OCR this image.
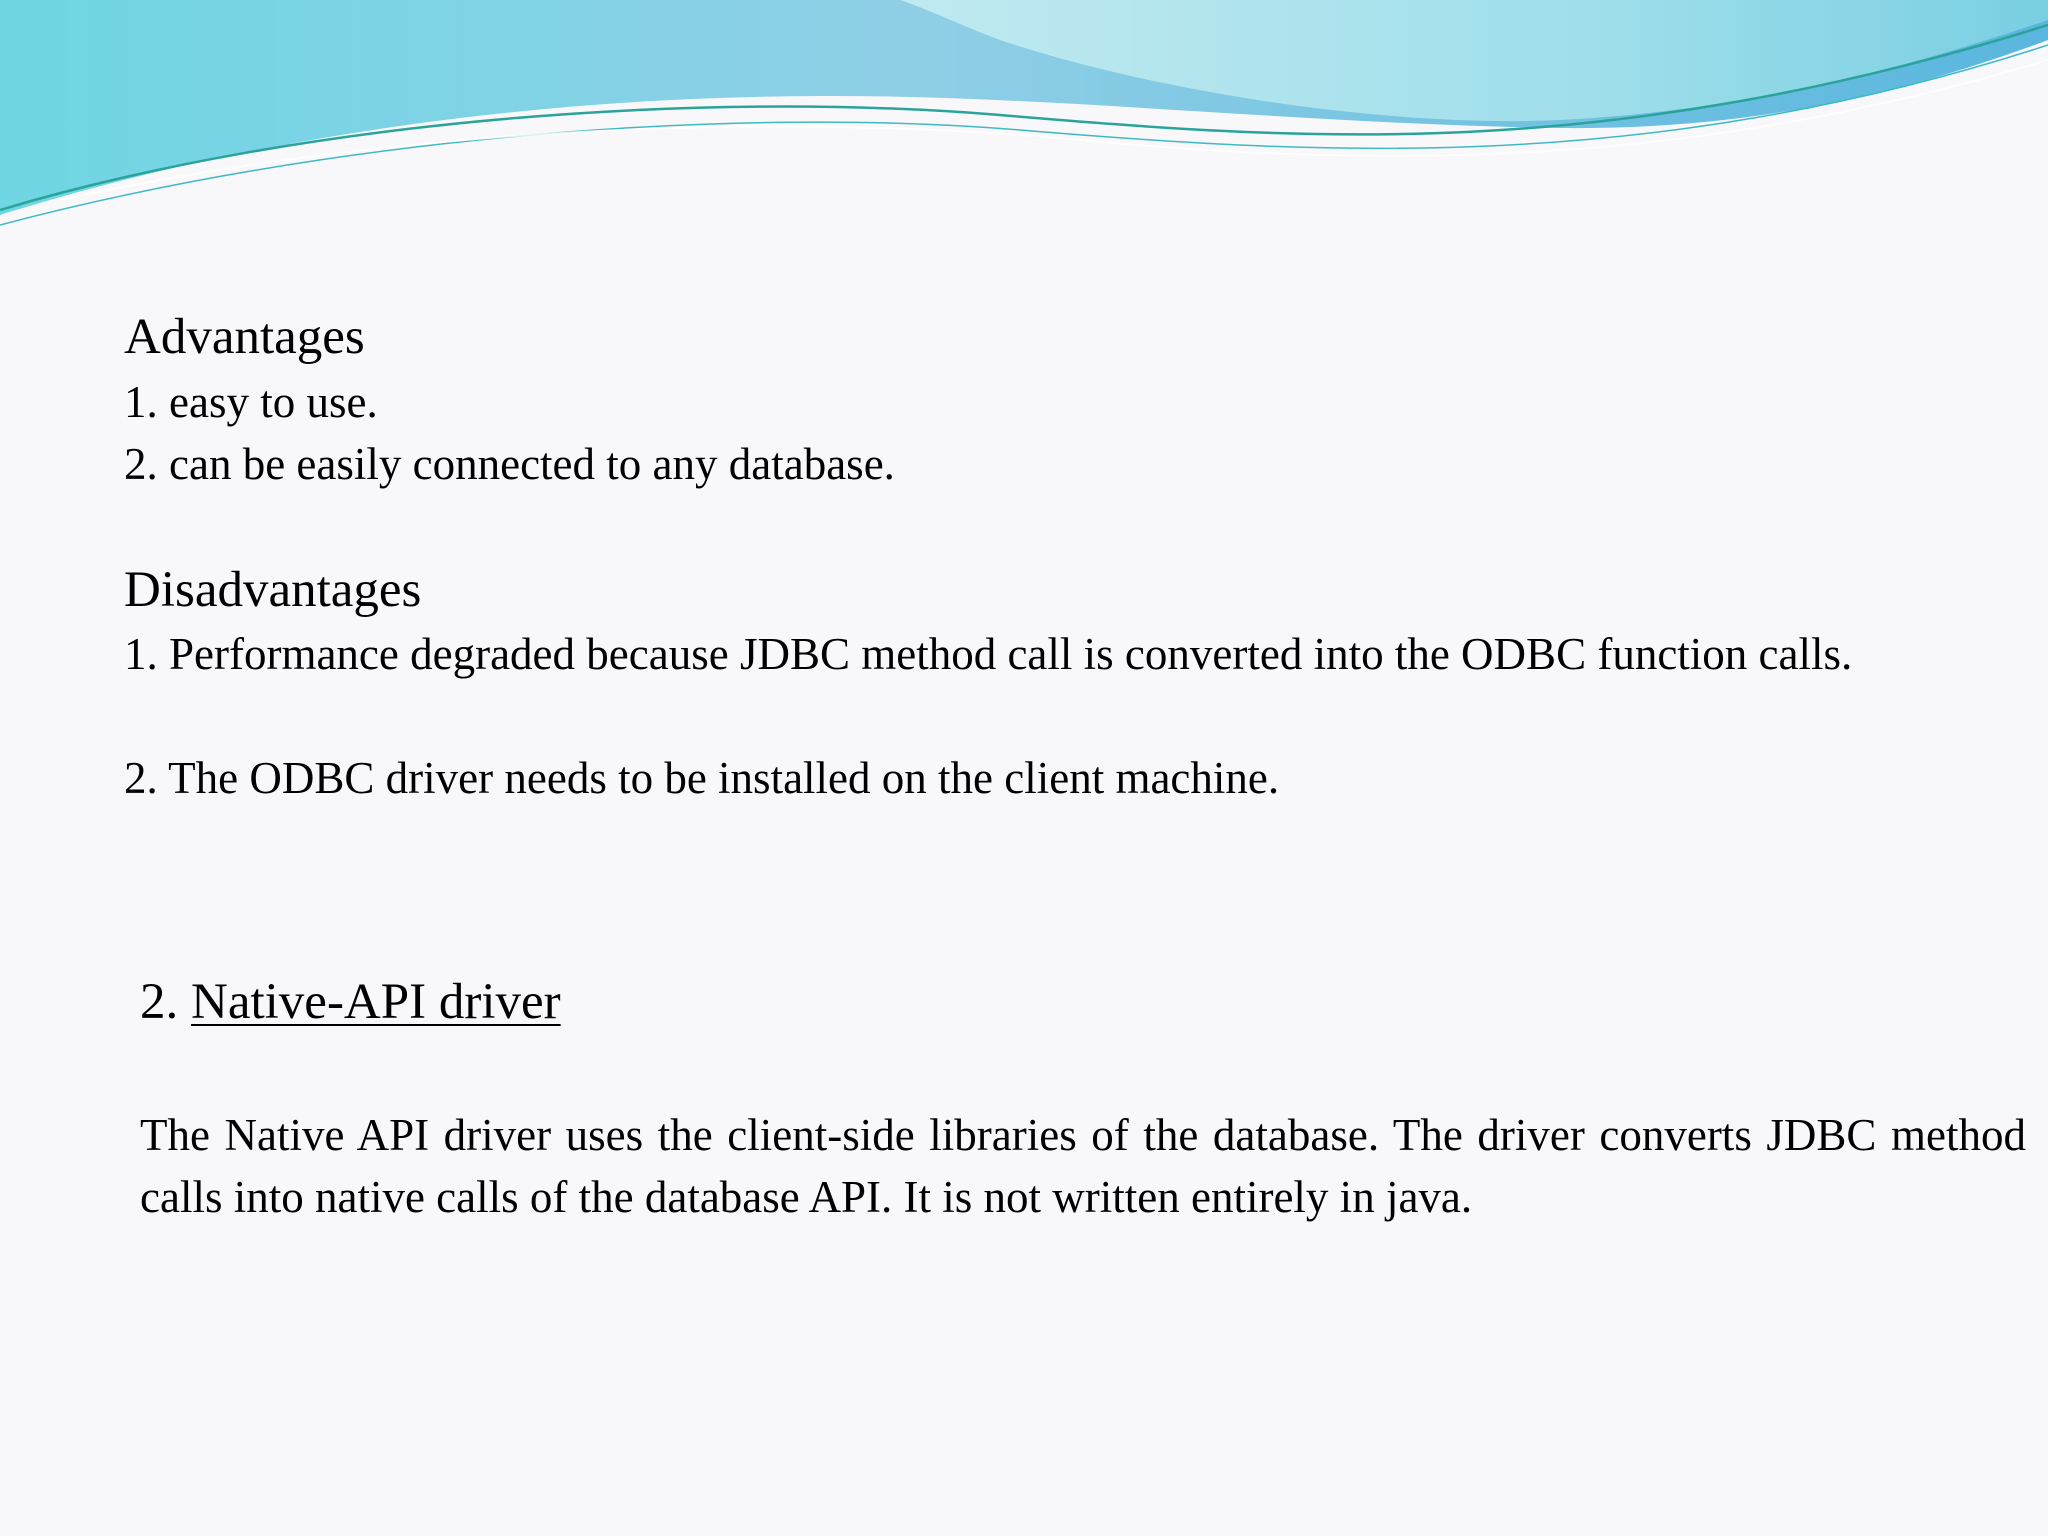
Advantages

1. easy to use.

2. can be easily connected to any database.

Disadvantages

1. Performance degraded because JDBC method call is converted into the ODBC function calls.

2. The ODBC driver needs to be installed on the client machine.

2. Native-API driver

The Native API driver uses the client-side libraries of the database. The driver converts JDBC method calls into native calls of the database API. It is not written entirely in java.
